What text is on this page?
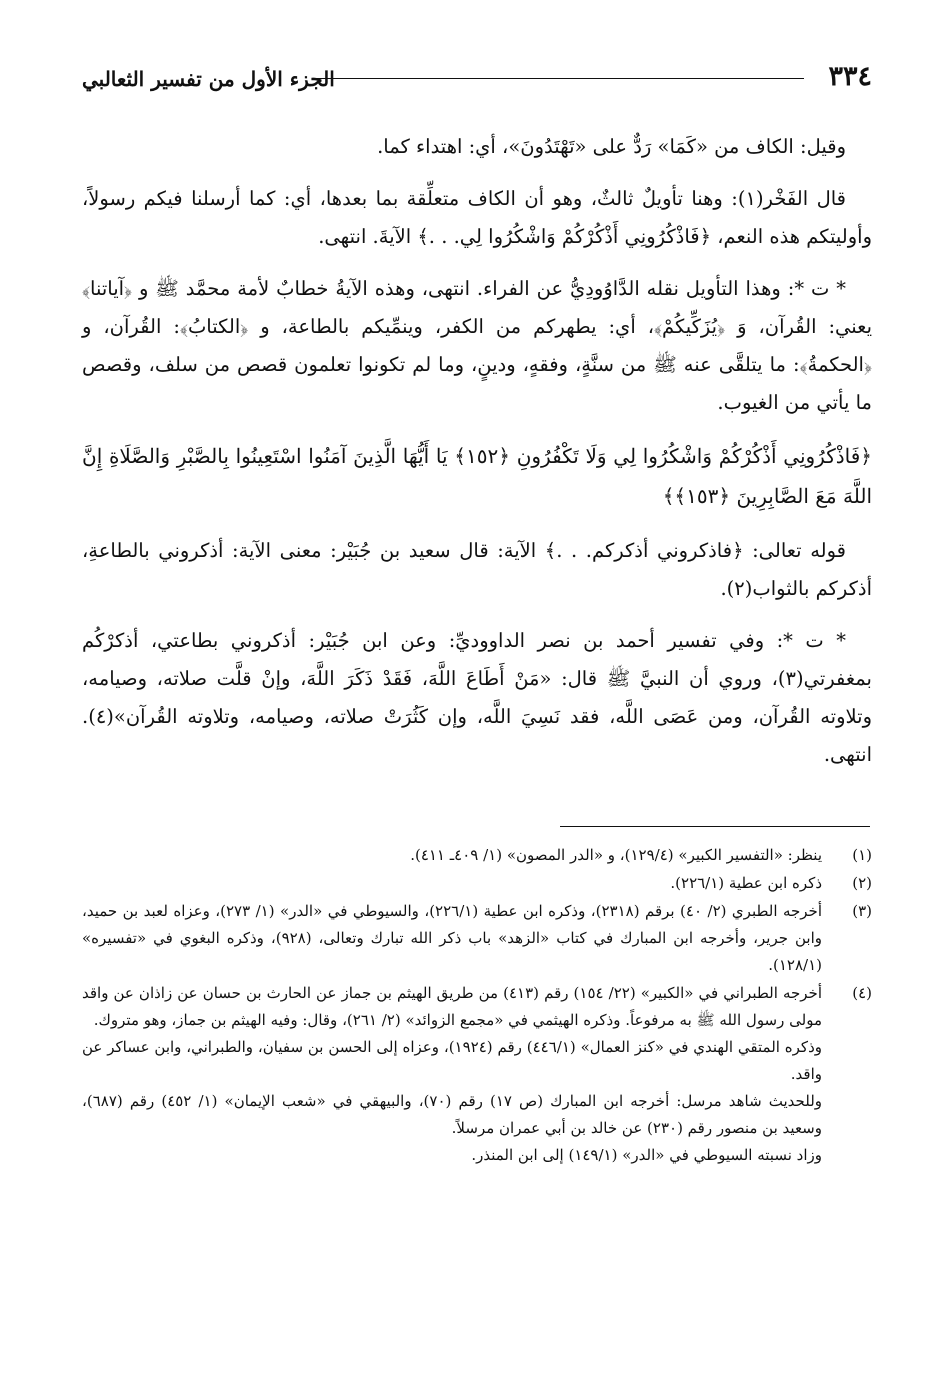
٣٣٤
الجزء الأول من تفسير الثعالبي

وقيل: الكاف من «كَمَا» رَدٌّ على «تَهْتَدُونَ»، أي: اهتداء كما.

قال الفَخْر(١): وهنا تأويلٌ ثالثٌ، وهو أن الكاف متعلِّقة بما بعدها، أي: كما أرسلنا فيكم رسولاً، وأوليتكم هذه النعم، ﴿فَاذْكُرُونِي أَذْكُرْكُمْ وَاشْكُرُوا لِي. . .﴾ الآيةَ. انتهى.

* ت *: وهذا التأويل نقله الدَّاوُودِيُّ عن الفراء. انتهى، وهذه الآيةُ خطابٌ لأمة محمَّد ﷺ و ﴿آياتنا﴾ يعني: القُرآن، وَ ﴿يُزَكِّيكُمْ﴾، أي: يطهركم من الكفر، وينمِّيكم بالطاعة، و ﴿الكتابُ﴾: القُرآن، و ﴿الحكمةُ﴾: ما يتلقَّى عنه ﷺ من سنَّةٍ، وفقهٍ، ودينٍ، وما لم تكونوا تعلمون قصص من سلف، وقصص ما يأتي من الغيوب.

﴿فَاذْكُرُونِي أَذْكُرْكُمْ وَاشْكُرُوا لِي وَلَا تَكْفُرُونِ ﴿١٥٢﴾ يَا أَيُّهَا الَّذِينَ آمَنُوا اسْتَعِينُوا بِالصَّبْرِ وَالصَّلَاةِ إِنَّ اللَّهَ مَعَ الصَّابِرِينَ ﴿١٥٣﴾﴾

قوله تعالى: ﴿فاذكروني أذكركم. . .﴾ الآية: قال سعيد بن جُبَيْر: معنى الآية: أذكروني بالطاعةِ، أذكركم بالثواب(٢).

* ت *: وفي تفسير أحمد بن نصر الداووديِّ: وعن ابن جُبَيْر: أذكروني بطاعتي، أذكرْكُم بمغفرتي(٣)، وروي أن النبيَّ ﷺ قال: «مَنْ أَطَاعَ اللَّهَ، فَقَدْ ذَكَرَ اللَّهَ، وإنْ قلَّت صلاته، وصيامه، وتلاوته القُرآن، ومن عَصَى اللَّه، فقد نَسِيَ اللَّه، وإن كَثُرَتْ صلاته، وصيامه، وتلاوته القُرآن»(٤). انتهى.

(١)

ينظر: «التفسير الكبير» (١٢٩/٤)، و «الدر المصون» (١/ ٤٠٩ـ ٤١١).

(٢)

ذكره ابن عطية (٢٢٦/١).

(٣)

أخرجه الطبري (٢/ ٤٠) برقم (٢٣١٨)، وذكره ابن عطية (٢٢٦/١)، والسيوطي في «الدر» (١/ ٢٧٣)، وعزاه لعبد بن حميد، وابن جرير، وأخرجه ابن المبارك في كتاب «الزهد» باب ذكر الله تبارك وتعالى، (٩٢٨)، وذكره البغوي في «تفسيره» (١٢٨/١).

(٤)

أخرجه الطبراني في «الكبير» (٢٢/ ١٥٤) رقم (٤١٣) من طريق الهيثم بن جماز عن الحارث بن حسان عن زاذان عن واقد مولى رسول الله ﷺ به مرفوعاً. وذكره الهيثمي في «مجمع الزوائد» (٢/ ٢٦١)، وقال: وفيه الهيثم بن جماز، وهو متروك.

وذكره المتقي الهندي في «كنز العمال» (٤٤٦/١) رقم (١٩٢٤)، وعزاه إلى الحسن بن سفيان، والطبراني، وابن عساكر عن واقد.

وللحديث شاهد مرسل: أخرجه ابن المبارك (ص ١٧) رقم (٧٠)، والبيهقي في «شعب الإيمان» (١/ ٤٥٢) رقم (٦٨٧)، وسعيد بن منصور رقم (٢٣٠) عن خالد بن أبي عمران مرسلاً.

وزاد نسبته السيوطي في «الدر» (١٤٩/١) إلى ابن المنذر.
